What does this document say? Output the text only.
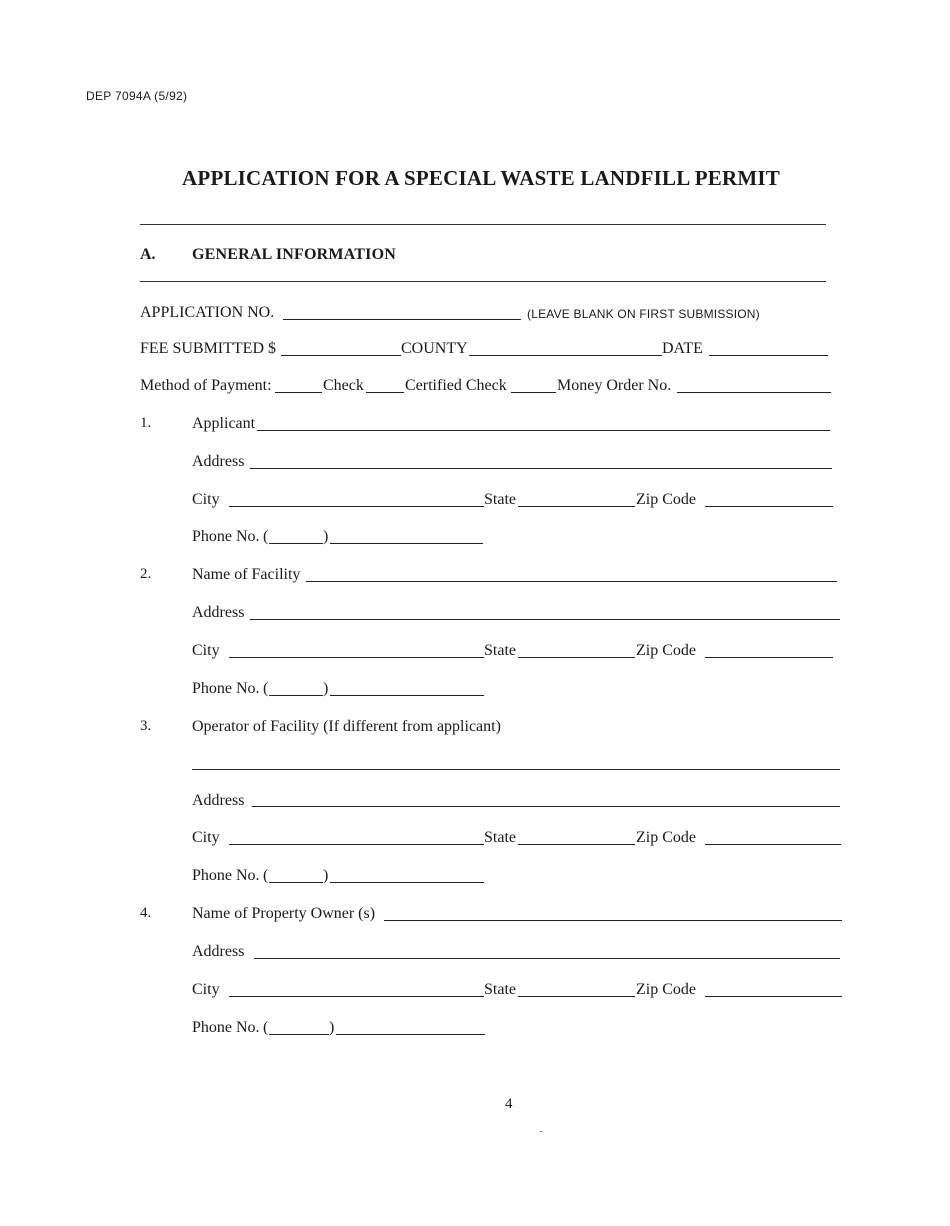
DEP 7094A (5/92)
APPLICATION FOR A SPECIAL WASTE LANDFILL PERMIT
A. GENERAL INFORMATION
APPLICATION NO.	(LEAVE BLANK ON FIRST SUBMISSION)
FEE SUBMITTED $	COUNTY	DATE
Method of Payment:	Check	Certified Check	Money Order No.
1.	Applicant
Address
City	State	Zip Code
Phone No. (	)
2.	Name of Facility
Address
City	State	Zip Code
Phone No. (	)
3.	Operator of Facility (If different from applicant)
Address
City	State	Zip Code
Phone No. (	)
4.	Name of Property Owner (s)
Address
City	State	Zip Code
Phone No. (	)
4
